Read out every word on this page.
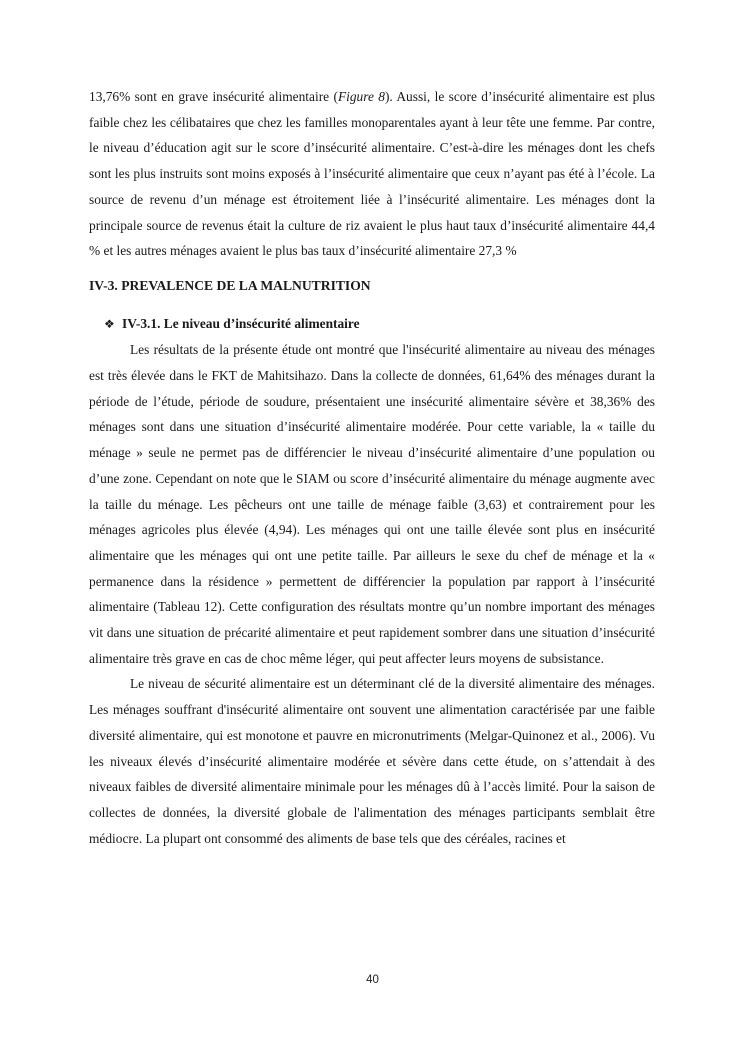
13,76% sont en grave insécurité alimentaire (Figure 8). Aussi, le score d’insécurité alimentaire est plus faible chez les célibataires que chez les familles monoparentales ayant à leur tête une femme. Par contre, le niveau d’éducation agit sur le score d’insécurité alimentaire. C’est-à-dire les ménages dont les chefs sont les plus instruits sont moins exposés à l’insécurité alimentaire que ceux n’ayant pas été à l’école. La source de revenu d’un ménage est étroitement liée à l’insécurité alimentaire. Les ménages dont la principale source de revenus était la culture de riz avaient le plus haut taux d’insécurité alimentaire 44,4 % et les autres ménages avaient le plus bas taux d’insécurité alimentaire 27,3 %

IV-3. PREVALENCE DE LA MALNUTRITION
❖ IV-3.1. Le niveau d’insécurité alimentaire

Les résultats de la présente étude ont montré que l'insécurité alimentaire au niveau des ménages est très élevée dans le FKT de Mahitsihazo. Dans la collecte de données, 61,64% des ménages durant la période de l’étude, période de soudure, présentaient une insécurité alimentaire sévère et 38,36% des ménages sont dans une situation d’insécurité alimentaire modérée. Pour cette variable, la « taille du ménage » seule ne permet pas de différencier le niveau d’insécurité alimentaire d’une population ou d’une zone. Cependant on note que le SIAM ou score d’insécurité alimentaire du ménage augmente avec la taille du ménage. Les pêcheurs ont une taille de ménage faible (3,63) et contrairement pour les ménages agricoles plus élevée (4,94). Les ménages qui ont une taille élevée sont plus en insécurité alimentaire que les ménages qui ont une petite taille. Par ailleurs le sexe du chef de ménage et la « permanence dans la résidence » permettent de différencier la population par rapport à l’insécurité alimentaire (Tableau 12). Cette configuration des résultats montre qu’un nombre important des ménages vit dans une situation de précarité alimentaire et peut rapidement sombrer dans une situation d’insécurité alimentaire très grave en cas de choc même léger, qui peut affecter leurs moyens de subsistance.

Le niveau de sécurité alimentaire est un déterminant clé de la diversité alimentaire des ménages. Les ménages souffrant d'insécurité alimentaire ont souvent une alimentation caractérisée par une faible diversité alimentaire, qui est monotone et pauvre en micronutriments (Melgar-Quinonez et al., 2006). Vu les niveaux élevés d’insécurité alimentaire modérée et sévère dans cette étude, on s’attendait à des niveaux faibles de diversité alimentaire minimale pour les ménages dû à l’accès limité. Pour la saison de collectes de données, la diversité globale de l'alimentation des ménages participants semblait être médiocre. La plupart ont consommé des aliments de base tels que des céréales, racines et

40
